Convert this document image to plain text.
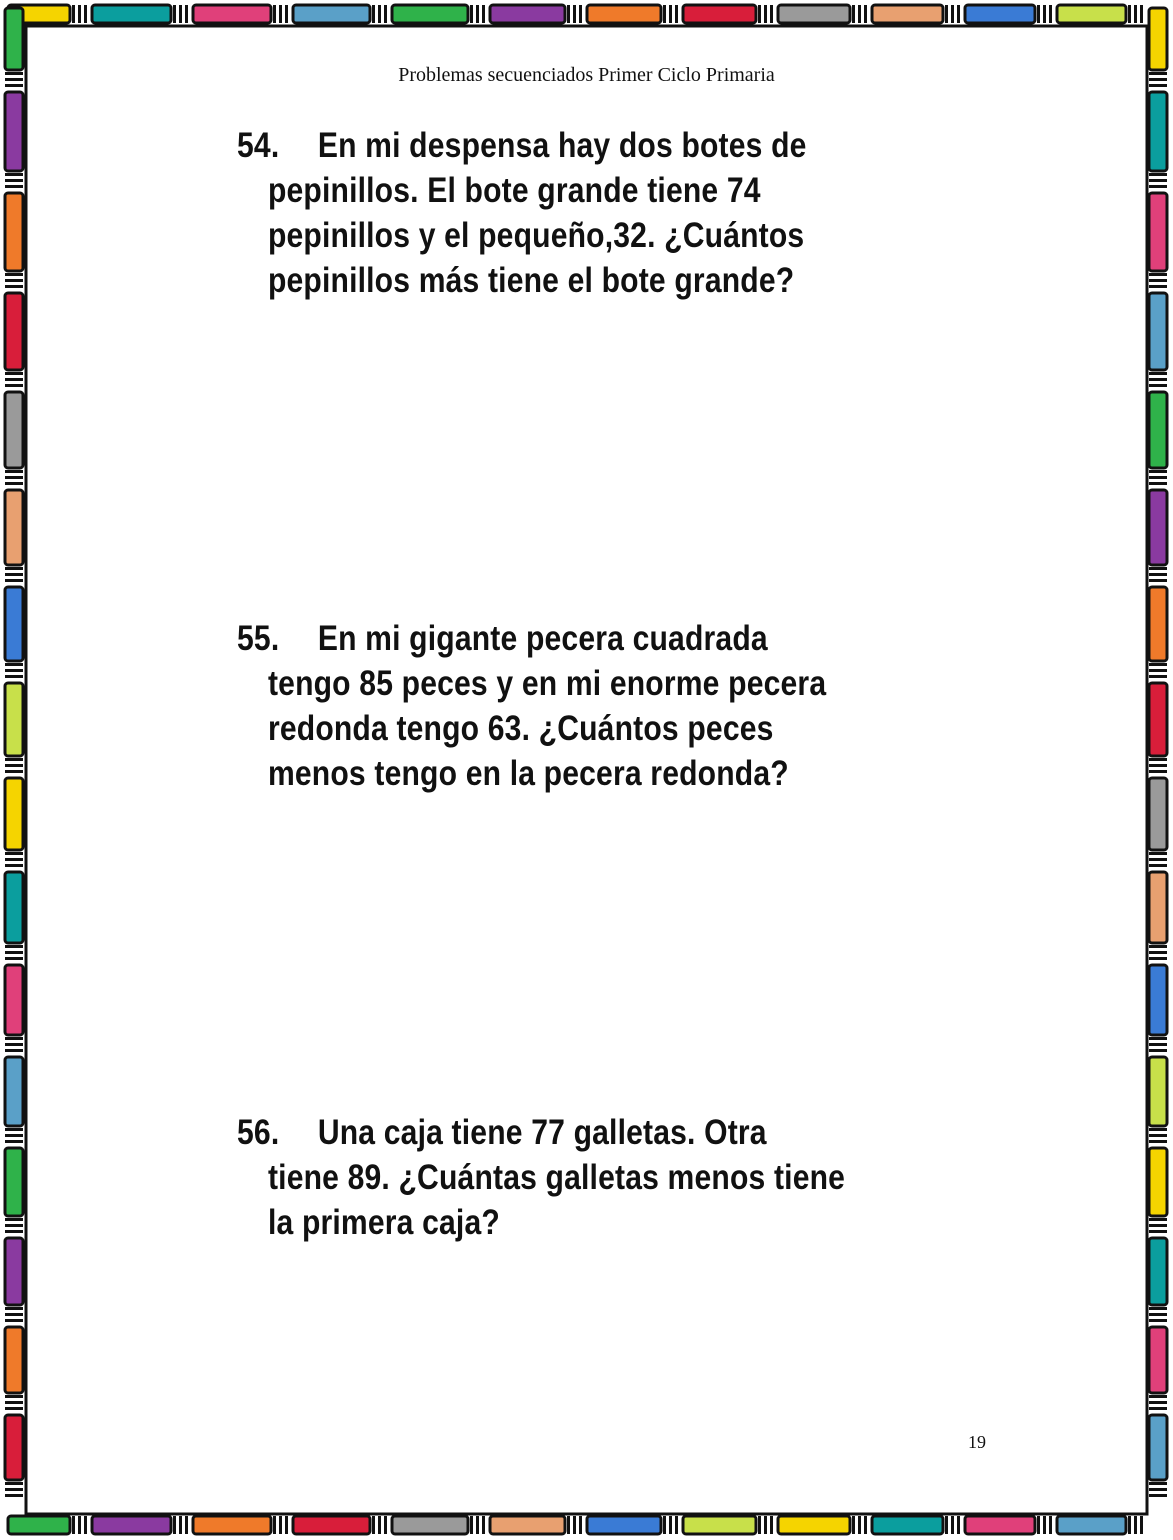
Problemas secuenciados Primer Ciclo Primaria
54. En mi despensa hay dos botes de
pepinillos. El bote grande tiene 74
pepinillos y el pequeño,32. ¿Cuántos
pepinillos más tiene el bote grande?
55. En mi gigante pecera cuadrada
tengo 85 peces y en mi enorme pecera
redonda tengo 63. ¿Cuántos peces
menos tengo en la pecera redonda?
56. Una caja tiene 77 galletas. Otra
tiene 89. ¿Cuántas galletas menos tiene
la primera caja?
19
